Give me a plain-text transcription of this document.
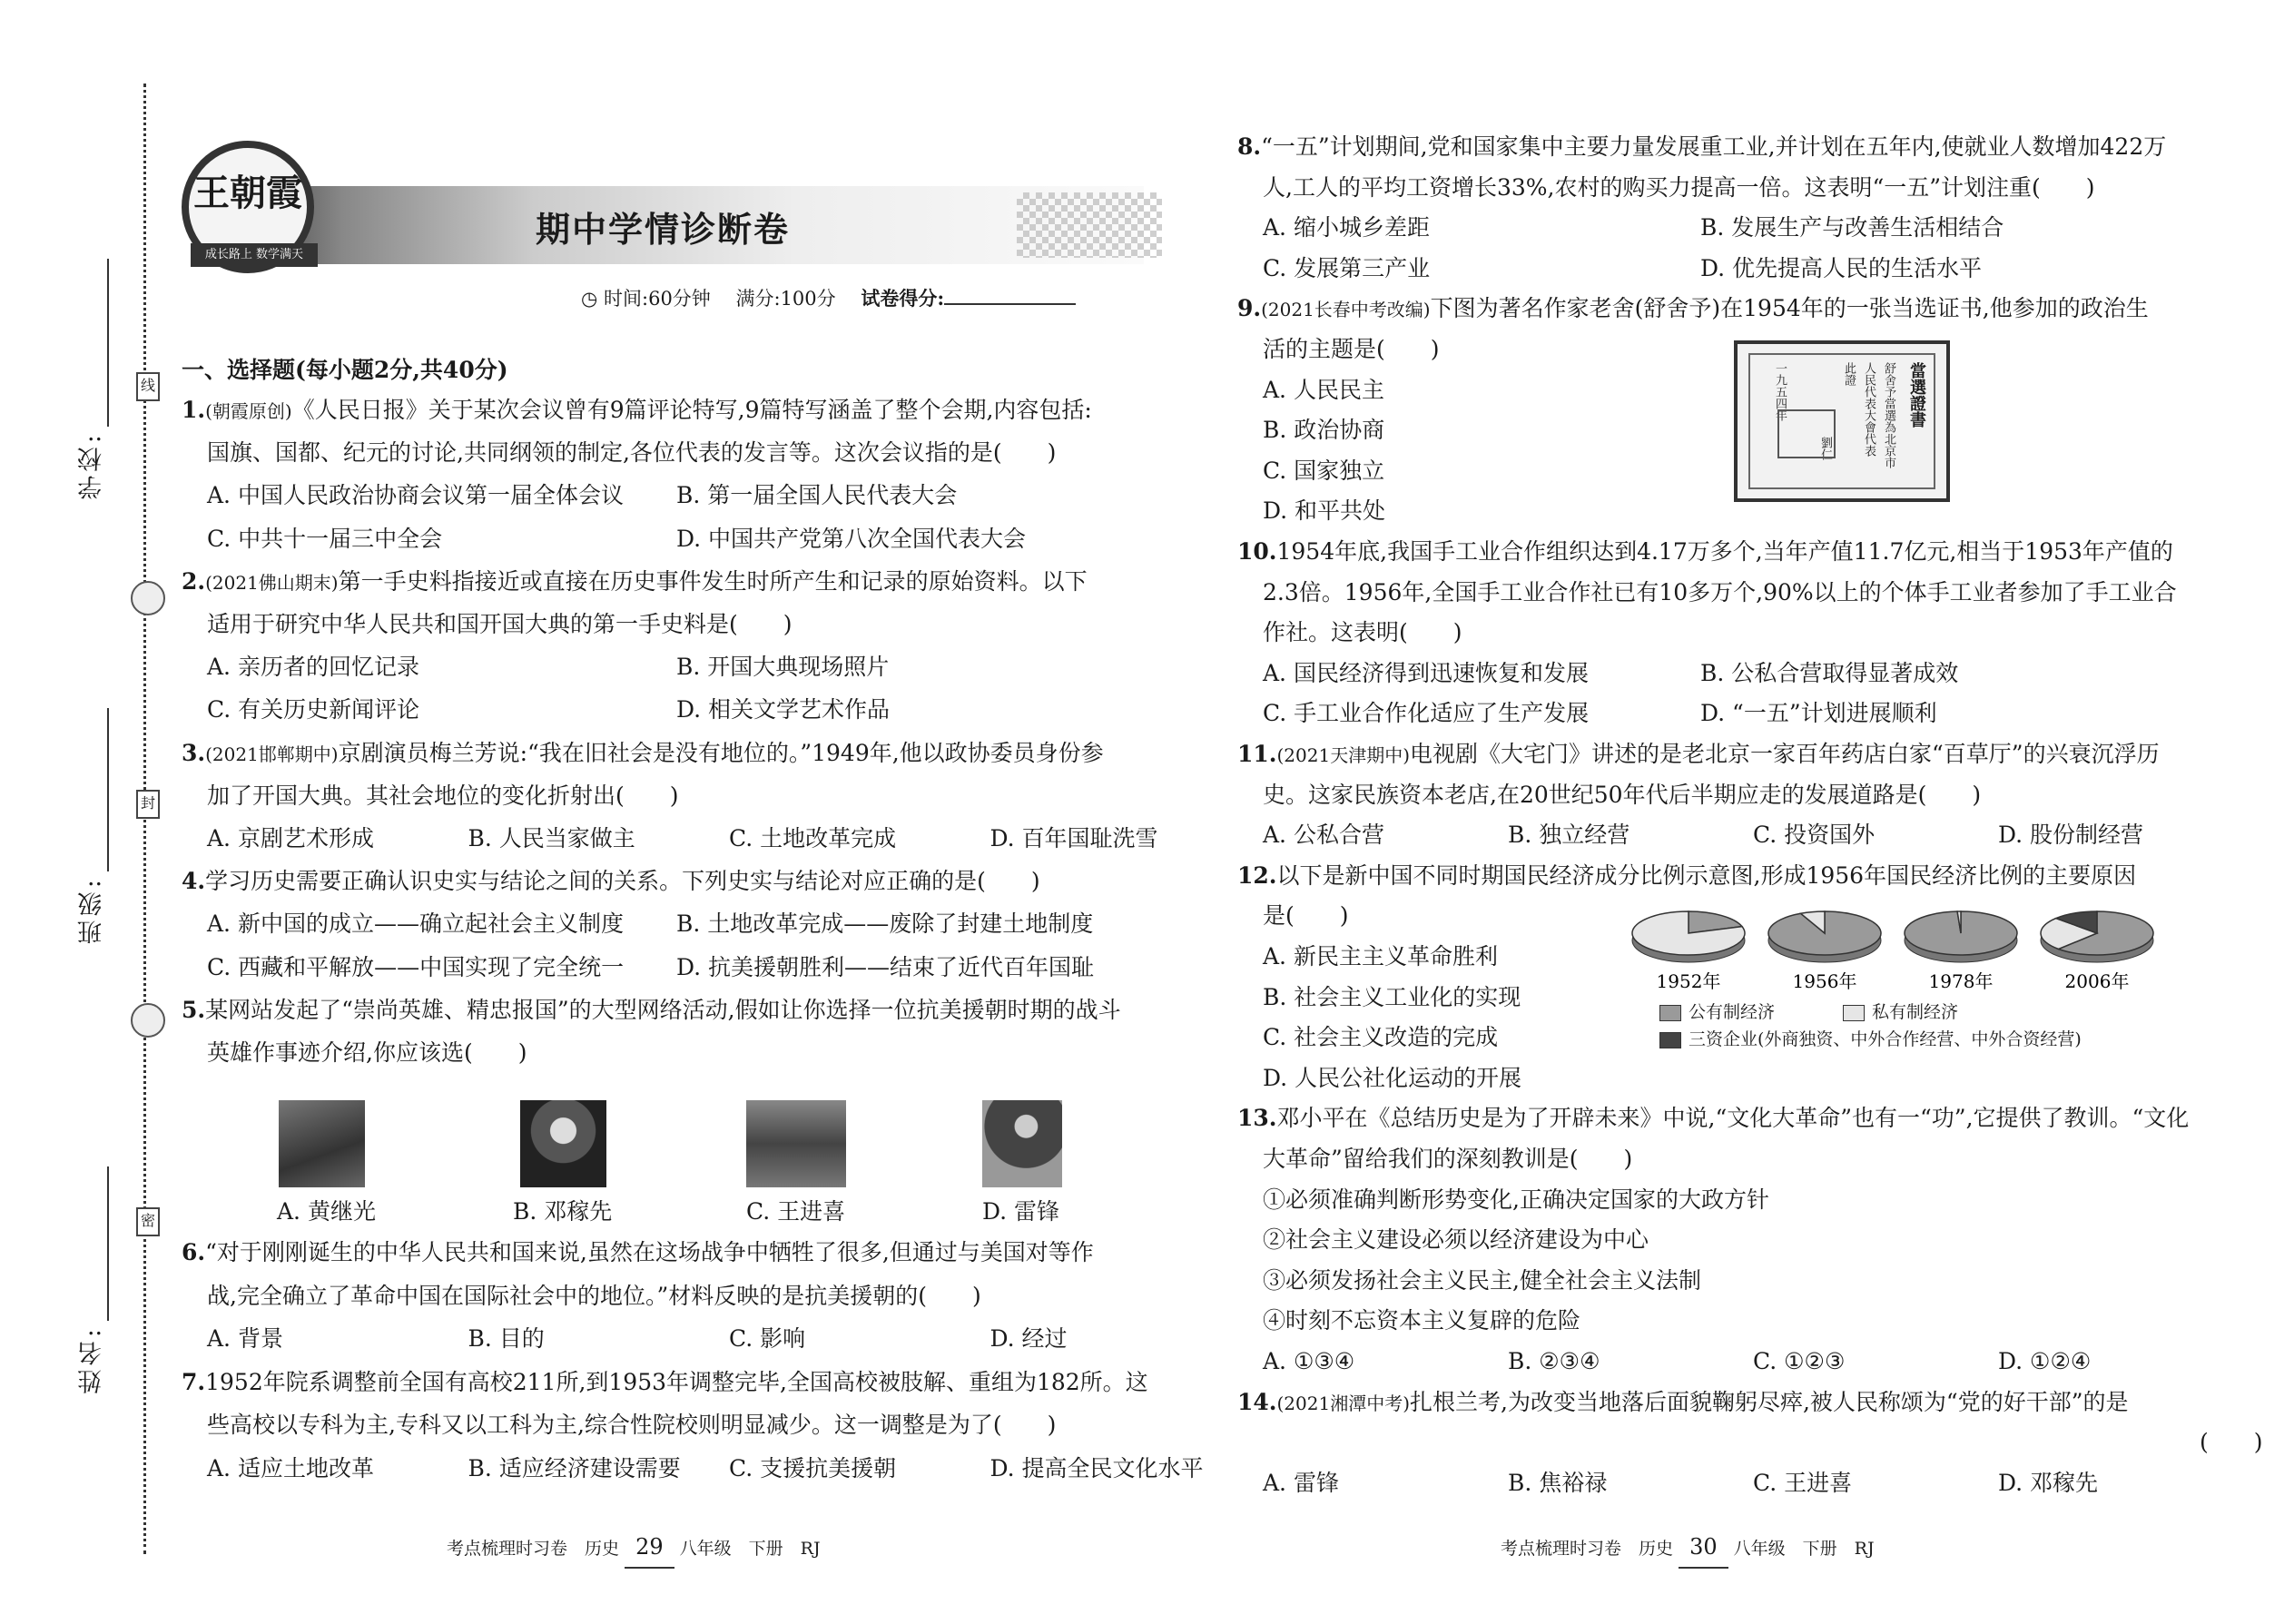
学校:
班级:
姓名:
线
封
密
王朝霞
成长路上 数学满天
期中学情诊断卷
◷ 时间:60分钟　 满分:100分　 试卷得分:
一、选择题(每小题2分,共40分)
1.(朝霞原创)《人民日报》关于某次会议曾有9篇评论特写,9篇特写涵盖了整个会期,内容包括:
国旗、国都、纪元的讨论,共同纲领的制定,各位代表的发言等。这次会议指的是(　　)
A. 中国人民政治协商会议第一届全体会议 B. 第一届全国人民代表大会
C. 中共十一届三中全会	D. 中国共产党第八次全国代表大会
2.(2021佛山期末)第一手史料指接近或直接在历史事件发生时所产生和记录的原始资料。以下
适用于研究中华人民共和国开国大典的第一手史料是(　　)
A. 亲历者的回忆记录	B. 开国大典现场照片
C. 有关历史新闻评论	D. 相关文学艺术作品
3.(2021邯郸期中)京剧演员梅兰芳说:“我在旧社会是没有地位的。”1949年,他以政协委员身份参
加了开国大典。其社会地位的变化折射出(　　)
A. 京剧艺术形成	B. 人民当家做主	C. 土地改革完成	D. 百年国耻洗雪
4.学习历史需要正确认识史实与结论之间的关系。下列史实与结论对应正确的是(　　)
A. 新中国的成立——确立起社会主义制度 B. 土地改革完成——废除了封建土地制度
C. 西藏和平解放——中国实现了完全统一 D. 抗美援朝胜利——结束了近代百年国耻
5.某网站发起了“崇尚英雄、精忠报国”的大型网络活动,假如让你选择一位抗美援朝时期的战斗
英雄作事迹介绍,你应该选(　　)
A. 黄继光	B. 邓稼先	C. 王进喜	D. 雷锋
6.“对于刚刚诞生的中华人民共和国来说,虽然在这场战争中牺牲了很多,但通过与美国对等作
战,完全确立了革命中国在国际社会中的地位。”材料反映的是抗美援朝的(　　)
A. 背景	B. 目的	C. 影响	D. 经过
7.1952年院系调整前全国有高校211所,到1953年调整完毕,全国高校被肢解、重组为182所。这
些高校以专科为主,专科又以工科为主,综合性院校则明显减少。这一调整是为了(　　)
A. 适应土地改革	B. 适应经济建设需要 C. 支援抗美援朝	D. 提高全民文化水平
考点梳理时习卷　历史 29 八年级　下册　RJ
8.“一五”计划期间,党和国家集中主要力量发展重工业,并计划在五年内,使就业人数增加422万
人,工人的平均工资增长33%,农村的购买力提高一倍。这表明“一五”计划注重(　　)
A. 缩小城乡差距	B. 发展生产与改善生活相结合
C. 发展第三产业	D. 优先提高人民的生活水平
9.(2021长春中考改编)下图为著名作家老舍(舒舍予)在1954年的一张当选证书,他参加的政治生
活的主题是(　　)
A. 人民民主
B. 政治协商
C. 国家独立
D. 和平共处
10.1954年底,我国手工业合作组织达到4.17万多个,当年产值11.7亿元,相当于1953年产值的
2.3倍。1956年,全国手工业合作社已有10多万个,90%以上的个体手工业者参加了手工业合
作社。这表明(　　)
A. 国民经济得到迅速恢复和发展	B. 公私合营取得显著成效
C. 手工业合作化适应了生产发展	D. “一五”计划进展顺利
11.(2021天津期中)电视剧《大宅门》讲述的是老北京一家百年药店白家“百草厅”的兴衰沉浮历
史。这家民族资本老店,在20世纪50年代后半期应走的发展道路是(　　)
A. 公私合营	B. 独立经营	C. 投资国外	D. 股份制经营
12.以下是新中国不同时期国民经济成分比例示意图,形成1956年国民经济比例的主要原因
是(　　)
A. 新民主主义革命胜利
B. 社会主义工业化的实现
C. 社会主义改造的完成
D. 人民公社化运动的开展
13.邓小平在《总结历史是为了开辟未来》中说,“文化大革命”也有一“功”,它提供了教训。“文化
大革命”留给我们的深刻教训是(　　)
①必须准确判断形势变化,正确决定国家的大政方针
②社会主义建设必须以经济建设为中心
③必须发扬社会主义民主,健全社会主义法制
④时刻不忘资本主义复辟的危险
A. ①③④	B. ②③④	C. ①②③	D. ①②④
14.(2021湘潭中考)扎根兰考,为改变当地落后面貌鞠躬尽瘁,被人民称颂为“党的好干部”的是
(　　)
A. 雷锋	B. 焦裕禄	C. 王进喜	D. 邓稼先
考点梳理时习卷　历史 30 八年级　下册　RJ
當選證書
舒舍予當選為北京市
人民代表大會代表
此證
一九五四年
劉仁
1952年	1956年	1978年	2006年
公有制经济	私有制经济
三资企业(外商独资、中外合作经营、中外合资经营)
